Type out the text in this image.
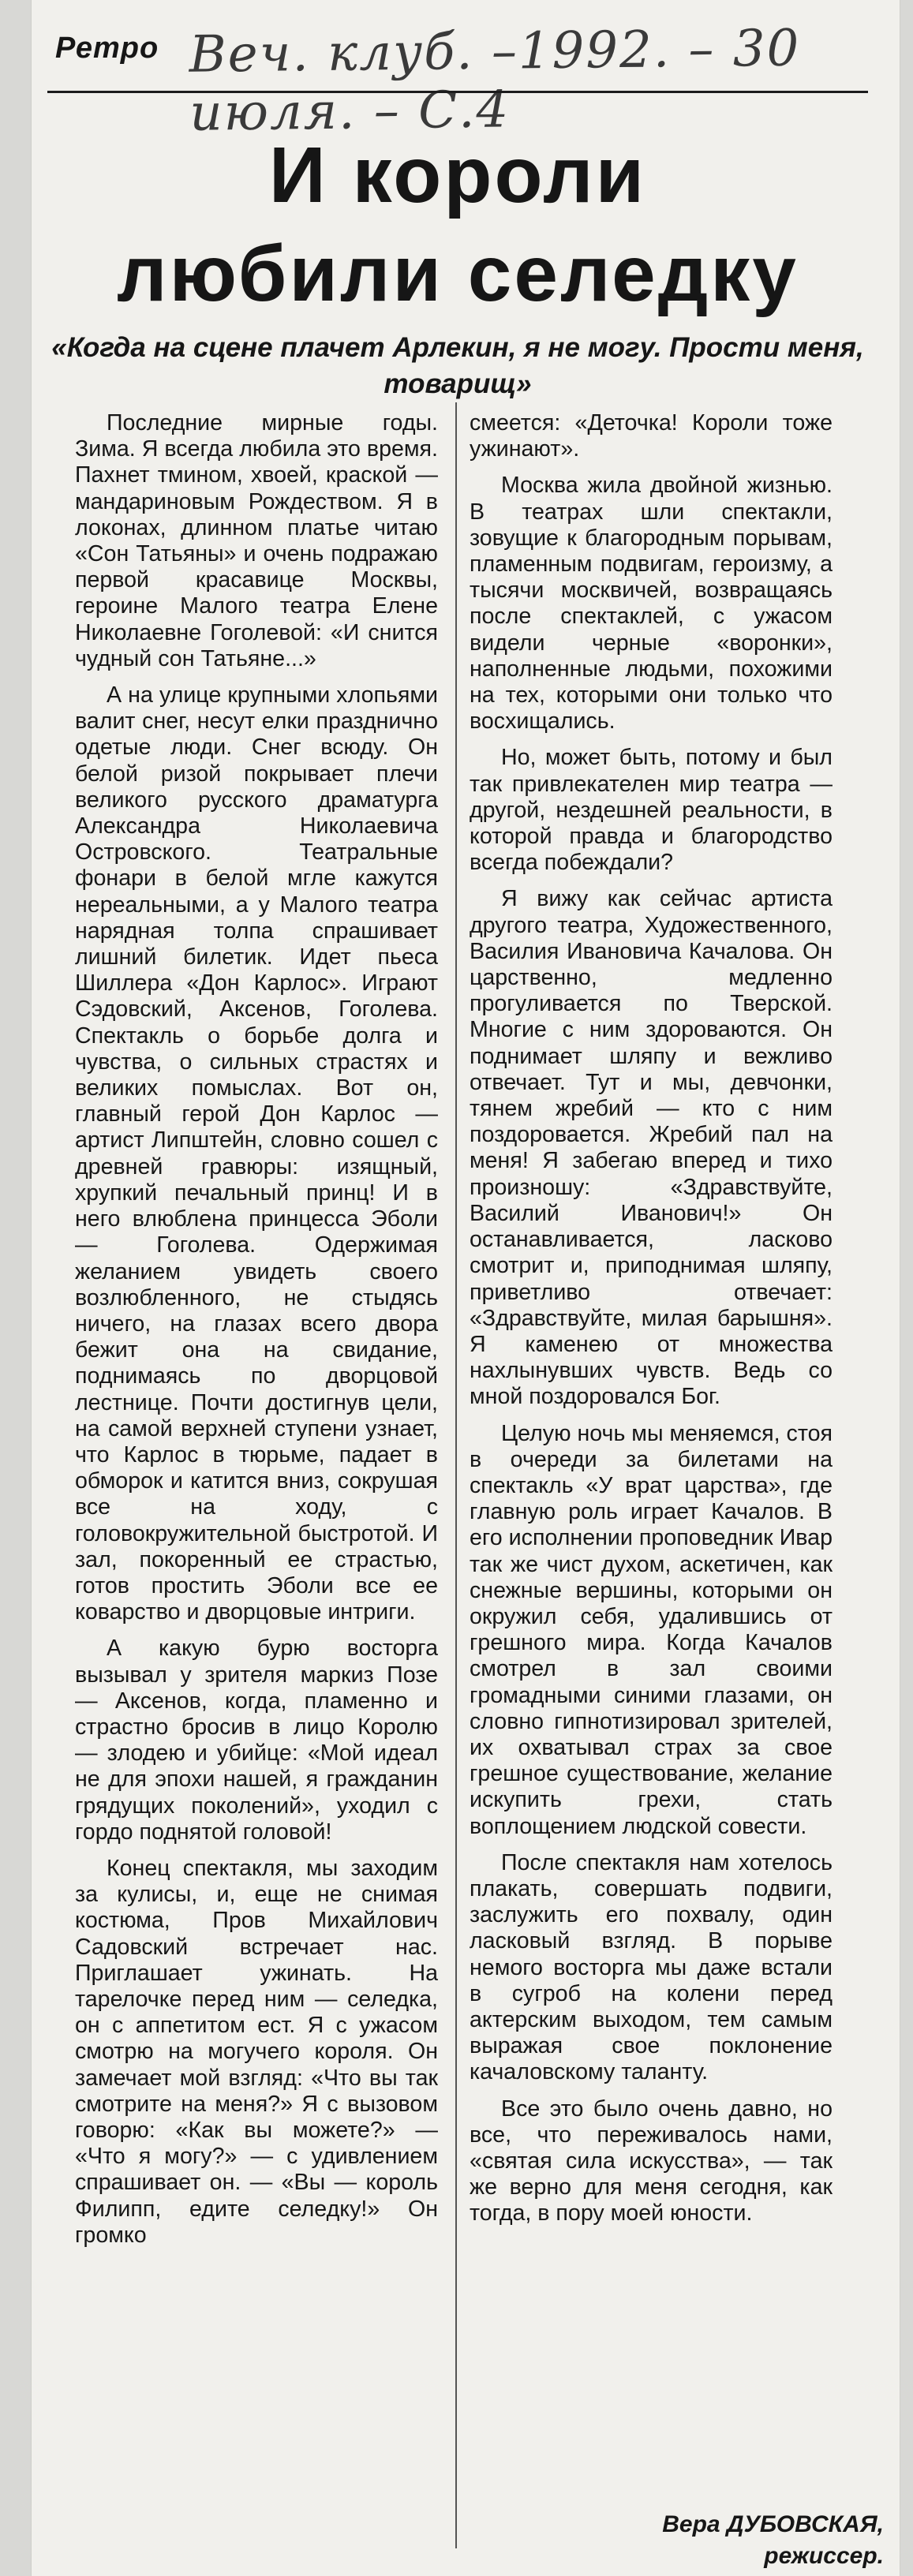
Ретро Веч. клуб. –1992. – 30 июля. – С.4
И короли
любили селедку
«Когда на сцене плачет Арлекин, я не могу. Прости меня, товарищ»

Последние мирные годы. Зима. Я всегда любила это время. Пахнет тмином, хвоей, краской — мандариновым Рождеством. Я в локонах, длинном платье читаю «Сон Татьяны» и очень подражаю первой красавице Москвы, героине Малого театра Елене Николаевне Гоголевой: «И снится чудный сон Татьяне...»

А на улице крупными хлопьями валит снег, несут елки празднично одетые люди. Снег всюду. Он белой ризой покрывает плечи великого русского драматурга Александра Николаевича Островского. Театральные фонари в белой мгле кажутся нереальными, а у Малого театра нарядная толпа спрашивает лишний билетик. Идет пьеса Шиллера «Дон Карлос». Играют Сэдовский, Аксенов, Гоголева. Спектакль о борьбе долга и чувства, о сильных страстях и великих помыслах. Вот он, главный герой Дон Карлос — артист Липштейн, словно сошел с древней гравюры: изящный, хрупкий печальный принц! И в него влюблена принцесса Эболи — Гоголева. Одержимая желанием увидеть своего возлюбленного, не стыдясь ничего, на глазах всего двора бежит она на свидание, поднимаясь по дворцовой лестнице. Почти достигнув цели, на самой верхней ступени узнает, что Карлос в тюрьме, падает в обморок и катится вниз, сокрушая все на ходу, с головокружительной быстротой. И зал, покоренный ее страстью, готов простить Эболи все ее коварство и дворцовые интриги.

А какую бурю восторга вызывал у зрителя маркиз Позе — Аксенов, когда, пламенно и страстно бросив в лицо Королю — злодею и убийце: «Мой идеал не для эпохи нашей, я гражданин грядущих поколений», уходил с гордо поднятой головой!

Конец спектакля, мы заходим за кулисы, и, еще не снимая костюма, Пров Михайлович Садовский встречает нас. Приглашает ужинать. На тарелочке перед ним — селедка, он с аппетитом ест. Я с ужасом смотрю на могучего короля. Он замечает мой взгляд: «Что вы так смотрите на меня?» Я с вызовом говорю: «Как вы можете?» — «Что я могу?» — с удивлением спрашивает он. — «Вы — король Филипп, едите селедку!» Он громко

смеется: «Деточка! Короли тоже ужинают».

Москва жила двойной жизнью. В театрах шли спектакли, зовущие к благородным порывам, пламенным подвигам, героизму, а тысячи москвичей, возвращаясь после спектаклей, с ужасом видели черные «воронки», наполненные людьми, похожими на тех, которыми они только что восхищались.

Но, может быть, потому и был так привлекателен мир театра — другой, нездешней реальности, в которой правда и благородство всегда побеждали?

Я вижу как сейчас артиста другого театра, Художественного, Василия Ивановича Качалова. Он царственно, медленно прогуливается по Тверской. Многие с ним здороваются. Он поднимает шляпу и вежливо отвечает. Тут и мы, девчонки, тянем жребий — кто с ним поздоровается. Жребий пал на меня! Я забегаю вперед и тихо произношу: «Здравствуйте, Василий Иванович!» Он останавливается, ласково смотрит и, приподнимая шляпу, приветливо отвечает: «Здравствуйте, милая барышня». Я каменею от множества нахлынувших чувств. Ведь со мной поздоровался Бог.

Целую ночь мы меняемся, стоя в очереди за билетами на спектакль «У врат царства», где главную роль играет Качалов. В его исполнении проповедник Ивар так же чист духом, аскетичен, как снежные вершины, которыми он окружил себя, удалившись от грешного мира. Когда Качалов смотрел в зал своими громадными синими глазами, он словно гипнотизировал зрителей, их охватывал страх за свое грешное существование, желание искупить грехи, стать воплощением людской совести.

После спектакля нам хотелось плакать, совершать подвиги, заслужить его похвалу, один ласковый взгляд. В порыве немого восторга мы даже встали в сугроб на колени перед актерским выходом, тем самым выражая свое поклонение качаловскому таланту.

Все это было очень давно, но все, что переживалось нами, «святая сила искусства», — так же верно для меня сегодня, как тогда, в пору моей юности.

Вера ДУБОВСКАЯ,
режиссер.
